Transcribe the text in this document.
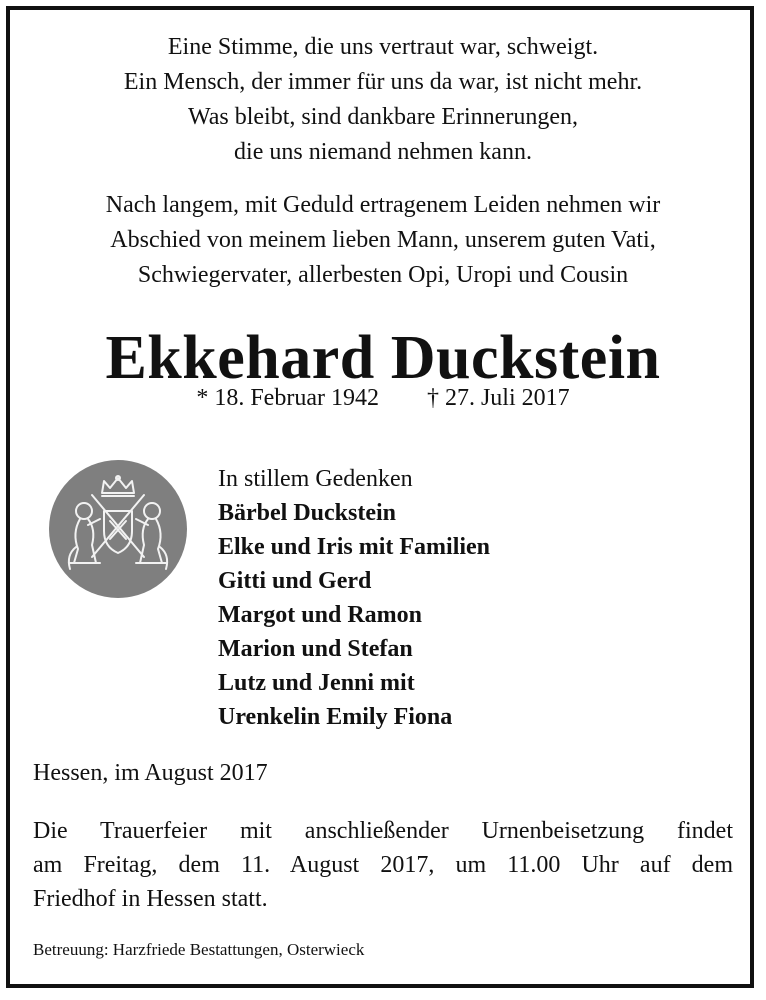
Eine Stimme, die uns vertraut war, schweigt.
Ein Mensch, der immer für uns da war, ist nicht mehr.
Was bleibt, sind dankbare Erinnerungen,
die uns niemand nehmen kann.
Nach langem, mit Geduld ertragenem Leiden nehmen wir
Abschied von meinem lieben Mann, unserem guten Vati,
Schwiegervater, allerbesten Opi, Uropi und Cousin
Ekkehard Duckstein
* 18. Februar 1942 † 27. Juli 2017
In stillem Gedenken
Bärbel Duckstein
Elke und Iris mit Familien
Gitti und Gerd
Margot und Ramon
Marion und Stefan
Lutz und Jenni mit
Urenkelin Emily Fiona
Hessen, im August 2017
Die Trauerfeier mit anschließender Urnenbeisetzung findet
am Freitag, dem 11. August 2017, um 11.00 Uhr auf dem
Friedhof in Hessen statt.
Betreuung: Harzfriede Bestattungen, Osterwieck
